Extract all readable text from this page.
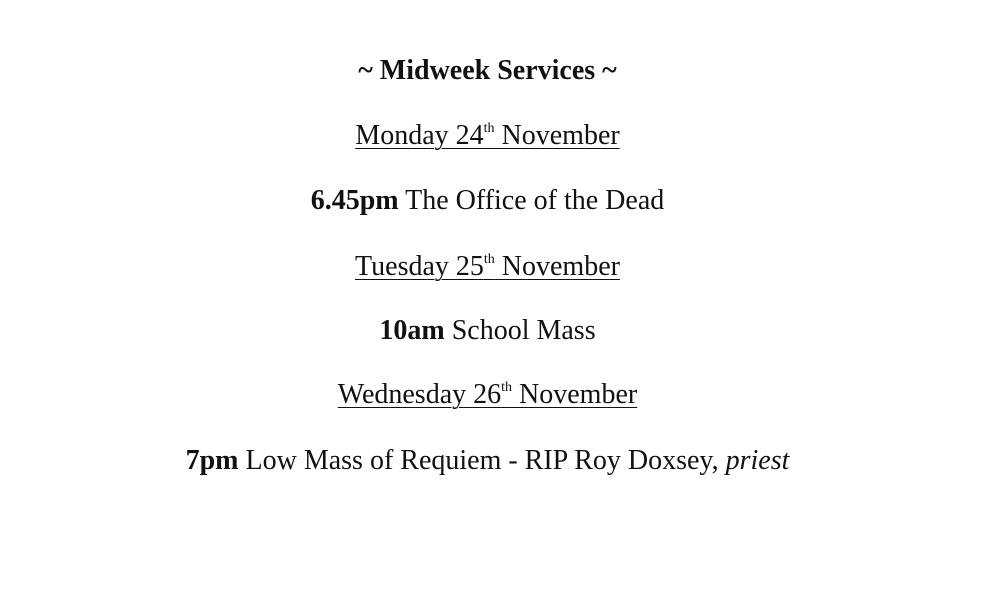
~ Midweek Services ~
Monday 24th November
6.45pm The Office of the Dead
Tuesday 25th November
10am School Mass
Wednesday 26th November
7pm Low Mass of Requiem - RIP Roy Doxsey, priest
